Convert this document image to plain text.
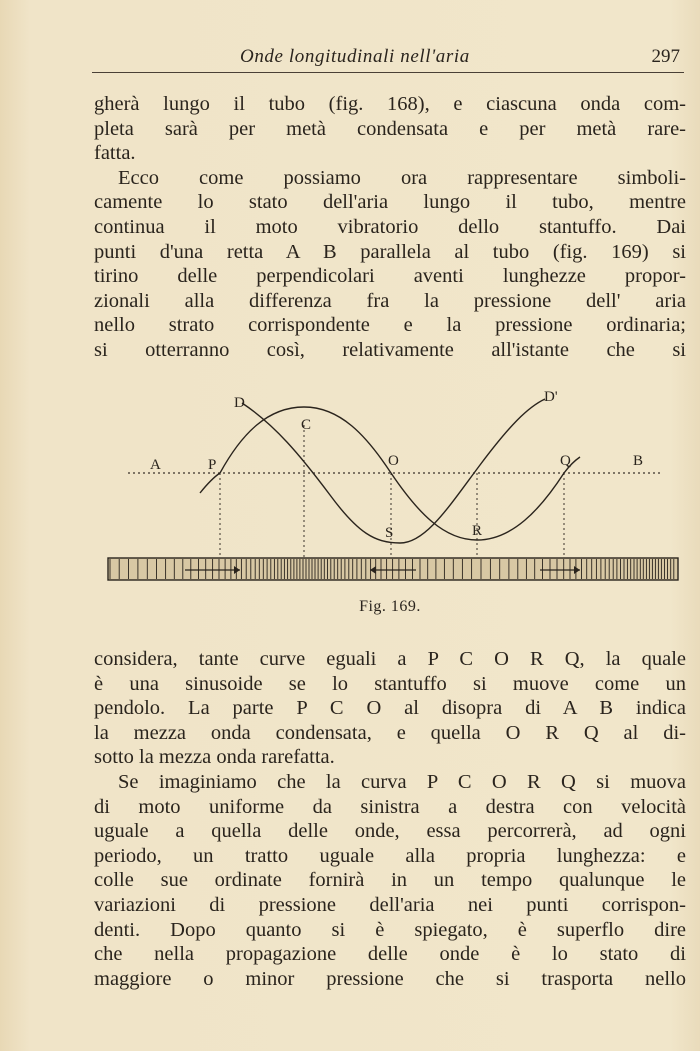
Onde longitudinali nell'aria	297
gherà lungo il tubo (fig. 168), e ciascuna onda com-
pleta sarà per metà condensata e per metà rare-
fatta.
Ecco come possiamo ora rappresentare simboli-
camente lo stato dell'aria lungo il tubo, mentre
continua il moto vibratorio dello stantuffo. Dai
punti d'una retta A B parallela al tubo (fig. 169) si
tirino delle perpendicolari aventi lunghezze propor-
zionali alla differenza fra la pressione dell' aria
nello strato corrispondente e la pressione ordinaria;
si otterranno così, relativamente all'istante che si
D	D'
C
A	P	O	Q	B
S	R
Fig. 169.
considera, tante curve eguali a P C O R Q, la quale
è una sinusoide se lo stantuffo si muove come un
pendolo. La parte P C O al disopra di A B indica
la mezza onda condensata, e quella O R Q al di-
sotto la mezza onda rarefatta.
Se imaginiamo che la curva P C O R Q si muova
di moto uniforme da sinistra a destra con velocità
uguale a quella delle onde, essa percorrerà, ad ogni
periodo, un tratto uguale alla propria lunghezza: e
colle sue ordinate fornirà in un tempo qualunque le
variazioni di pressione dell'aria nei punti corrispon-
denti. Dopo quanto si è spiegato, è superflo dire
che nella propagazione delle onde è lo stato di
maggiore o minor pressione che si trasporta nello
